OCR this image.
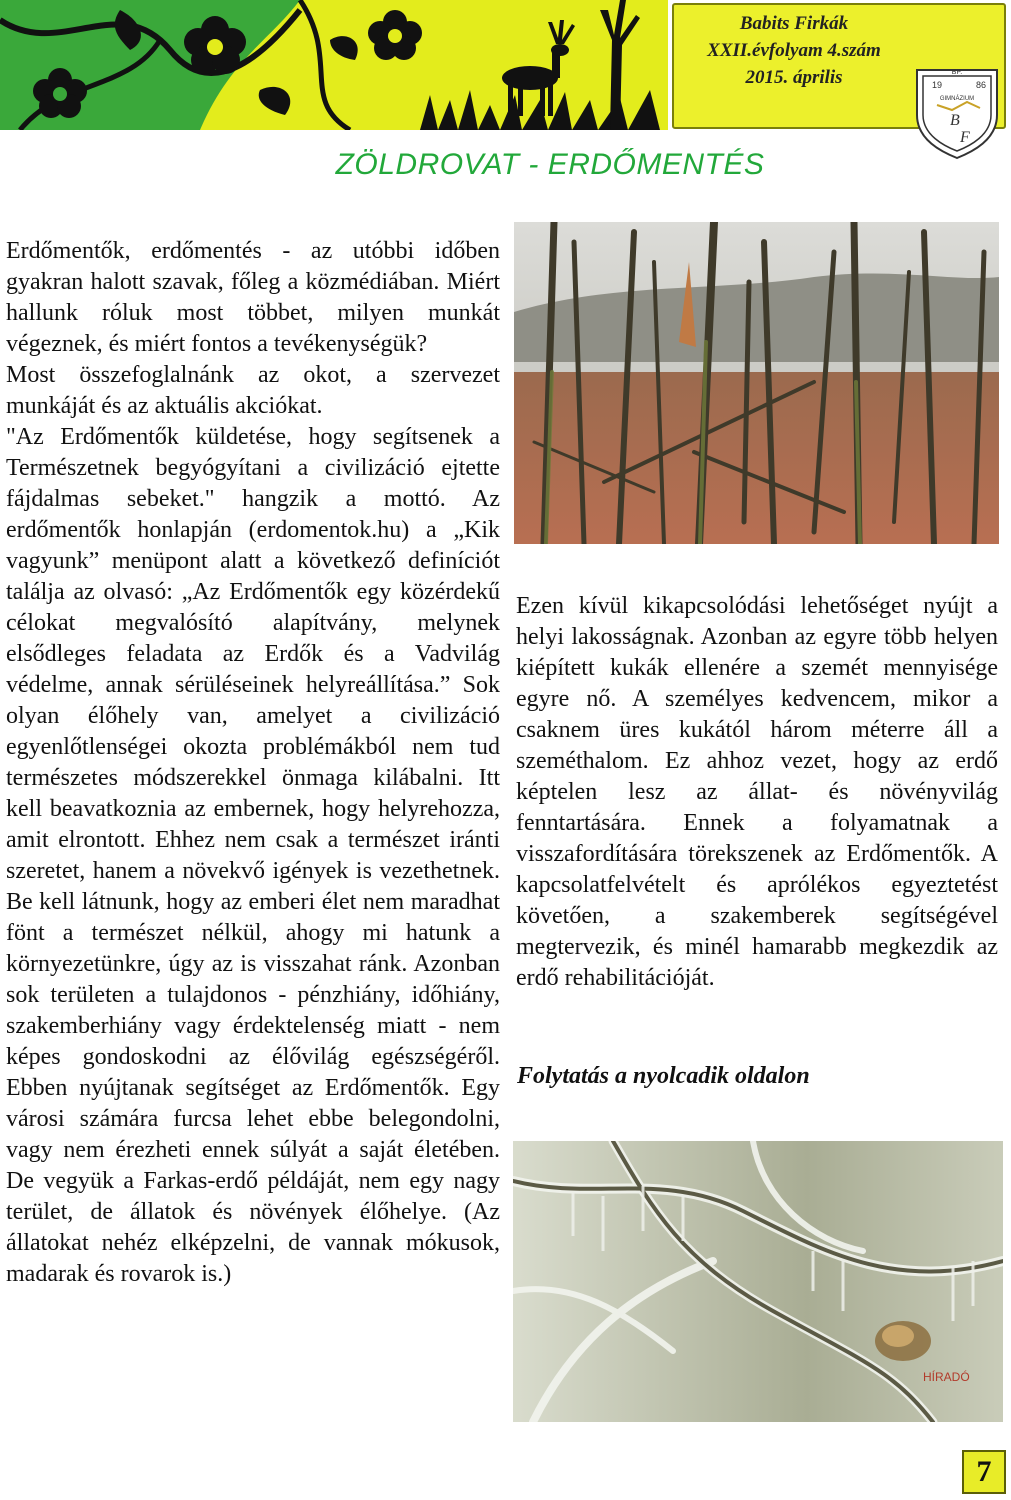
Babits Firkák
XXII.évfolyam 4.szám
2015. április	BP.
19	86
GIMNÁZIUM
B
F
ZÖLDROVAT - ERDŐMENTÉS

Erdőmentők, erdőmentés - az utóbbi időben gyakran halott szavak, főleg a közmédiában. Miért hallunk róluk most többet, milyen munkát végeznek, és miért fontos a tevékenységük?

Most összefoglalnánk az okot, a szervezet munkáját és az aktuális akciókat.

"Az Erdőmentők küldetése, hogy segítsenek a Természetnek begyógyítani a civilizáció ejtette fájdalmas sebeket." hangzik a mottó. Az erdőmentők honlapján (erdomentok.hu) a „Kik vagyunk” menüpont alatt a következő definíciót találja az olvasó: „Az Erdőmentők egy közérdekű célokat megvalósító alapítvány, melynek elsődleges feladata az Erdők és a Vadvilág védelme, annak sérüléseinek helyreállítása.” Sok olyan élőhely van, amelyet a civilizáció egyenlőtlenségei okozta problémákból nem tud természetes módszerekkel önmaga kilábalni. Itt kell beavatkoznia az embernek, hogy helyrehozza, amit elrontott. Ehhez nem csak a természet iránti szeretet, hanem a növekvő igények is vezethetnek. Be kell látnunk, hogy az emberi élet nem maradhat fönt a természet nélkül, ahogy mi hatunk a környezetünkre, úgy az is visszahat ránk. Azonban sok területen a tulajdonos - pénzhiány, időhiány, szakemberhiány vagy érdektelenség miatt - nem képes gondoskodni az élővilág egészségéről. Ebben nyújtanak segítséget az Erdőmentők. Egy városi számára furcsa lehet ebbe belegondolni, vagy nem érezheti ennek súlyát a saját életében. De vegyük a Farkas-erdő példáját, nem egy nagy terület, de állatok és növények élőhelye. (Az állatokat nehéz elképzelni, de vannak mókusok, madarak és rovarok is.)

Ezen kívül kikapcsolódási lehetőséget nyújt a helyi lakosságnak. Azonban az egyre több helyen kiépített kukák ellenére a szemét mennyisége egyre nő. A személyes kedvencem, mikor a csaknem üres kukától három méterre áll a szeméthalom. Ez ahhoz vezet, hogy az erdő képtelen lesz az állat- és növényvilág fenntartására. Ennek a folyamatnak a visszafordítására törekszenek az Erdőmentők. A kapcsolatfelvételt és aprólékos egyeztetést követően, a szakemberek segítségével megtervezik, és minél hamarabb megkezdik az erdő rehabilitációját.

Folytatás a nyolcadik oldalon
HÍRADÓ
7
